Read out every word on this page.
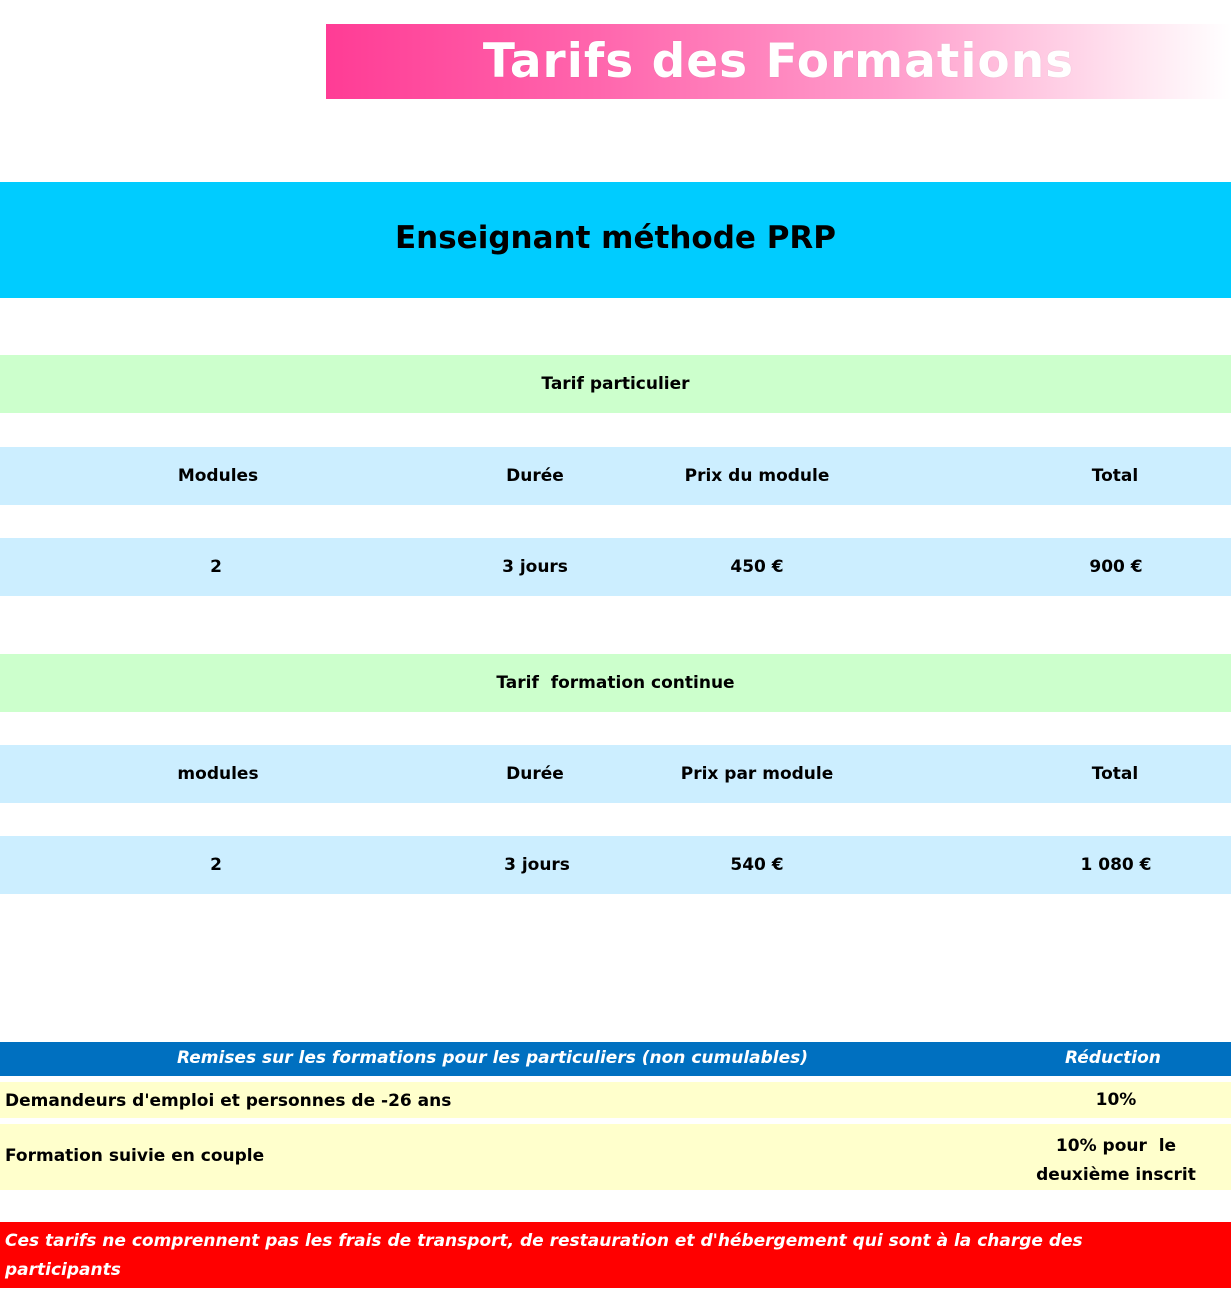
Tarifs des Formations
Enseignant méthode PRP
Tarif particulier
Modules	Durée	Prix du module	Total
2	3 jours	450 €	900 €
Tarif  formation continue
modules	Durée	Prix par module	Total
2	3 jours	540 €	1 080 €
Remises sur les formations pour les particuliers (non cumulables)	Réduction
Demandeurs d'emploi et personnes de -26 ans	10%
Formation suivie en couple	10% pour  le deuxième inscrit

Ces tarifs ne comprennent pas les frais de transport, de restauration et d'hébergement qui sont à la charge des participants
